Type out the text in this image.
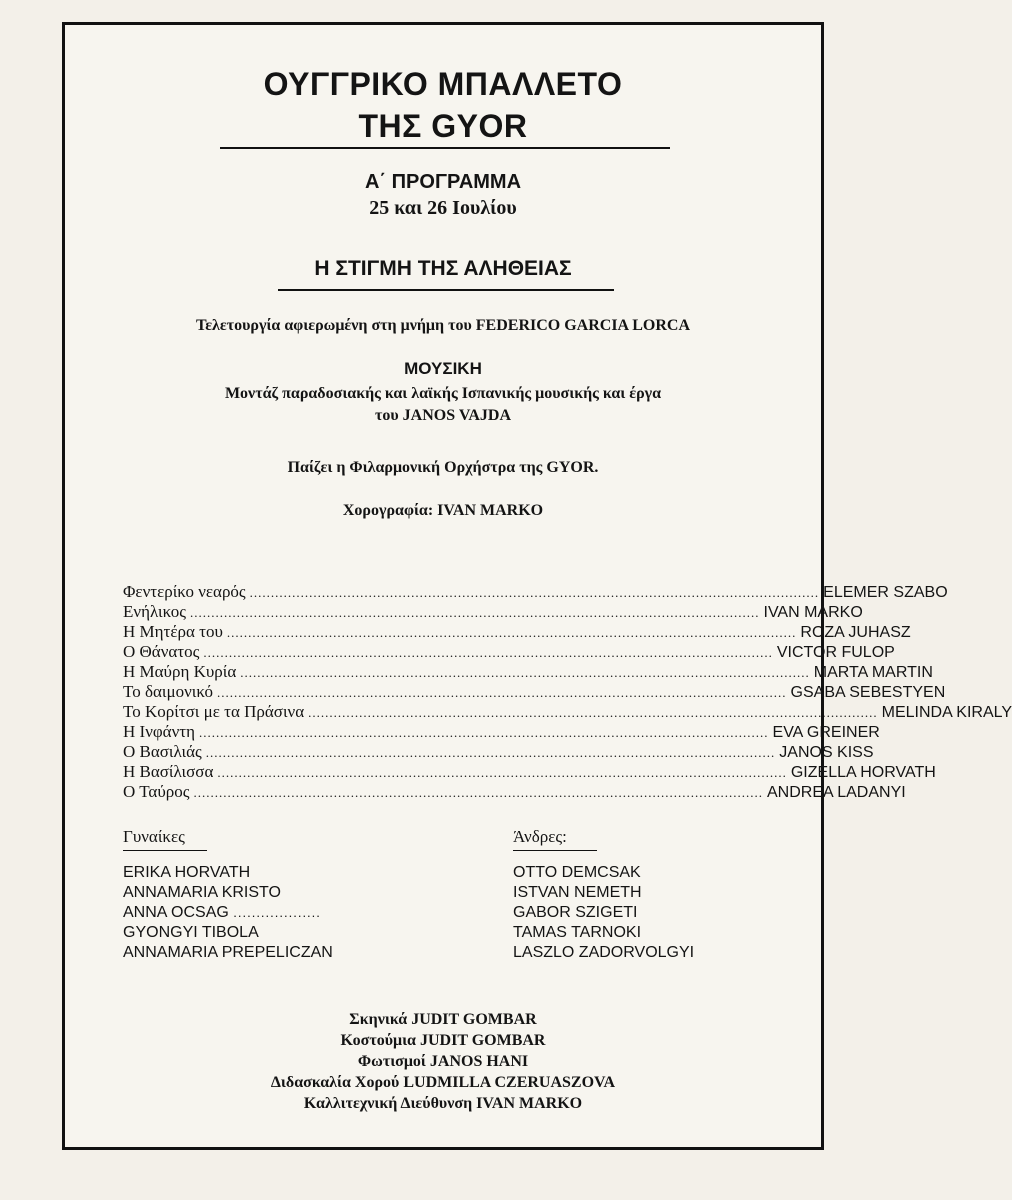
ΟΥΓΓΡΙΚΟ ΜΠΑΛΛΕΤΟ
ΤΗΣ GYOR
Α΄ ΠΡΟΓΡΑΜΜΑ
25 και 26 Ιουλίου
Η ΣΤΙΓΜΗ ΤΗΣ ΑΛΗΘΕΙΑΣ
Τελετουργία αφιερωμένη στη μνήμη του FEDERICO GARCIA LORCA
ΜΟΥΣΙΚΗ
Μοντάζ παραδοσιακής και λαϊκής Ισπανικής μουσικής και έργα
του JANOS VAJDA
Παίζει η Φιλαρμονική Ορχήστρα της GYOR.
Χορογραφία: IVAN MARKO
Φεντερίκο νεαρός ...................................................................................................................................... ELEMER SZABO
Ενήλικος ...................................................................................................................................... IVAN MARKO
Η Μητέρα του ...................................................................................................................................... ROZA JUHASZ
Ο Θάνατος ...................................................................................................................................... VICTOR FULOP
Η Μαύρη Κυρία ...................................................................................................................................... MARTA MARTIN
Το δαιμονικό ...................................................................................................................................... GSABA SEBESTYEN
Το Κορίτσι με τα Πράσινα ...................................................................................................................................... MELINDA KIRALY
Η Ινφάντη ...................................................................................................................................... EVA GREINER
Ο Βασιλιάς ...................................................................................................................................... JANOS KISS
Η Βασίλισσα ...................................................................................................................................... GIZELLA HORVATH
Ο Ταύρος ...................................................................................................................................... ANDREA LADANYI
Γυναίκες	Άνδρες:
ERIKA HORVATH
ANNAMARIA KRISTO
ANNA OCSAG ...................
GYONGYI TIBOLA
ANNAMARIA PREPELICZAN
OTTO DEMCSAK
ISTVAN NEMETH
GABOR SZIGETI
TAMAS TARNOKI
LASZLO ZADORVOLGYI
Σκηνικά JUDIT GOMBAR
Κοστούμια JUDIT GOMBAR
Φωτισμοί JANOS HANI
Διδασκαλία Χορού LUDMILLA CZERUASZOVA
Καλλιτεχνική Διεύθυνση IVAN MARKO
